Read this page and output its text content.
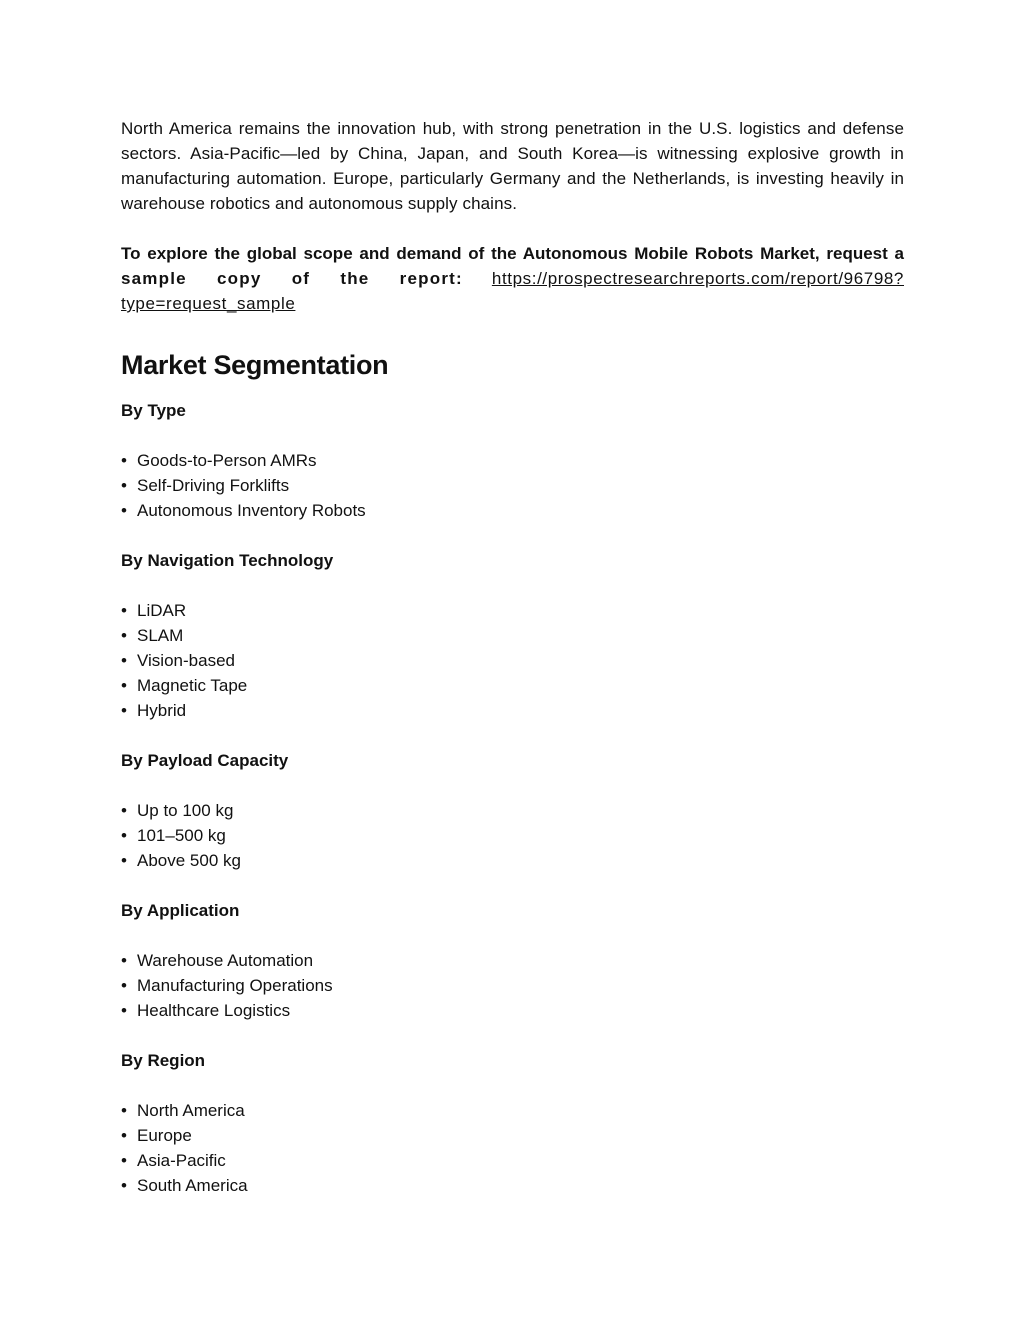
North America remains the innovation hub, with strong penetration in the U.S. logistics and defense sectors. Asia-Pacific—led by China, Japan, and South Korea—is witnessing explosive growth in manufacturing automation. Europe, particularly Germany and the Netherlands, is investing heavily in warehouse robotics and autonomous supply chains.

To explore the global scope and demand of the Autonomous Mobile Robots Market, request a sample copy of the report: https://prospectresearchreports.com/report/96798?type=request_sample

Market Segmentation

By Type

• Goods-to-Person AMRs
• Self-Driving Forklifts
• Autonomous Inventory Robots

By Navigation Technology

• LiDAR
• SLAM
• Vision-based
• Magnetic Tape
• Hybrid

By Payload Capacity

• Up to 100 kg
• 101–500 kg
• Above 500 kg

By Application

• Warehouse Automation
• Manufacturing Operations
• Healthcare Logistics

By Region

• North America
• Europe
• Asia-Pacific
• South America
